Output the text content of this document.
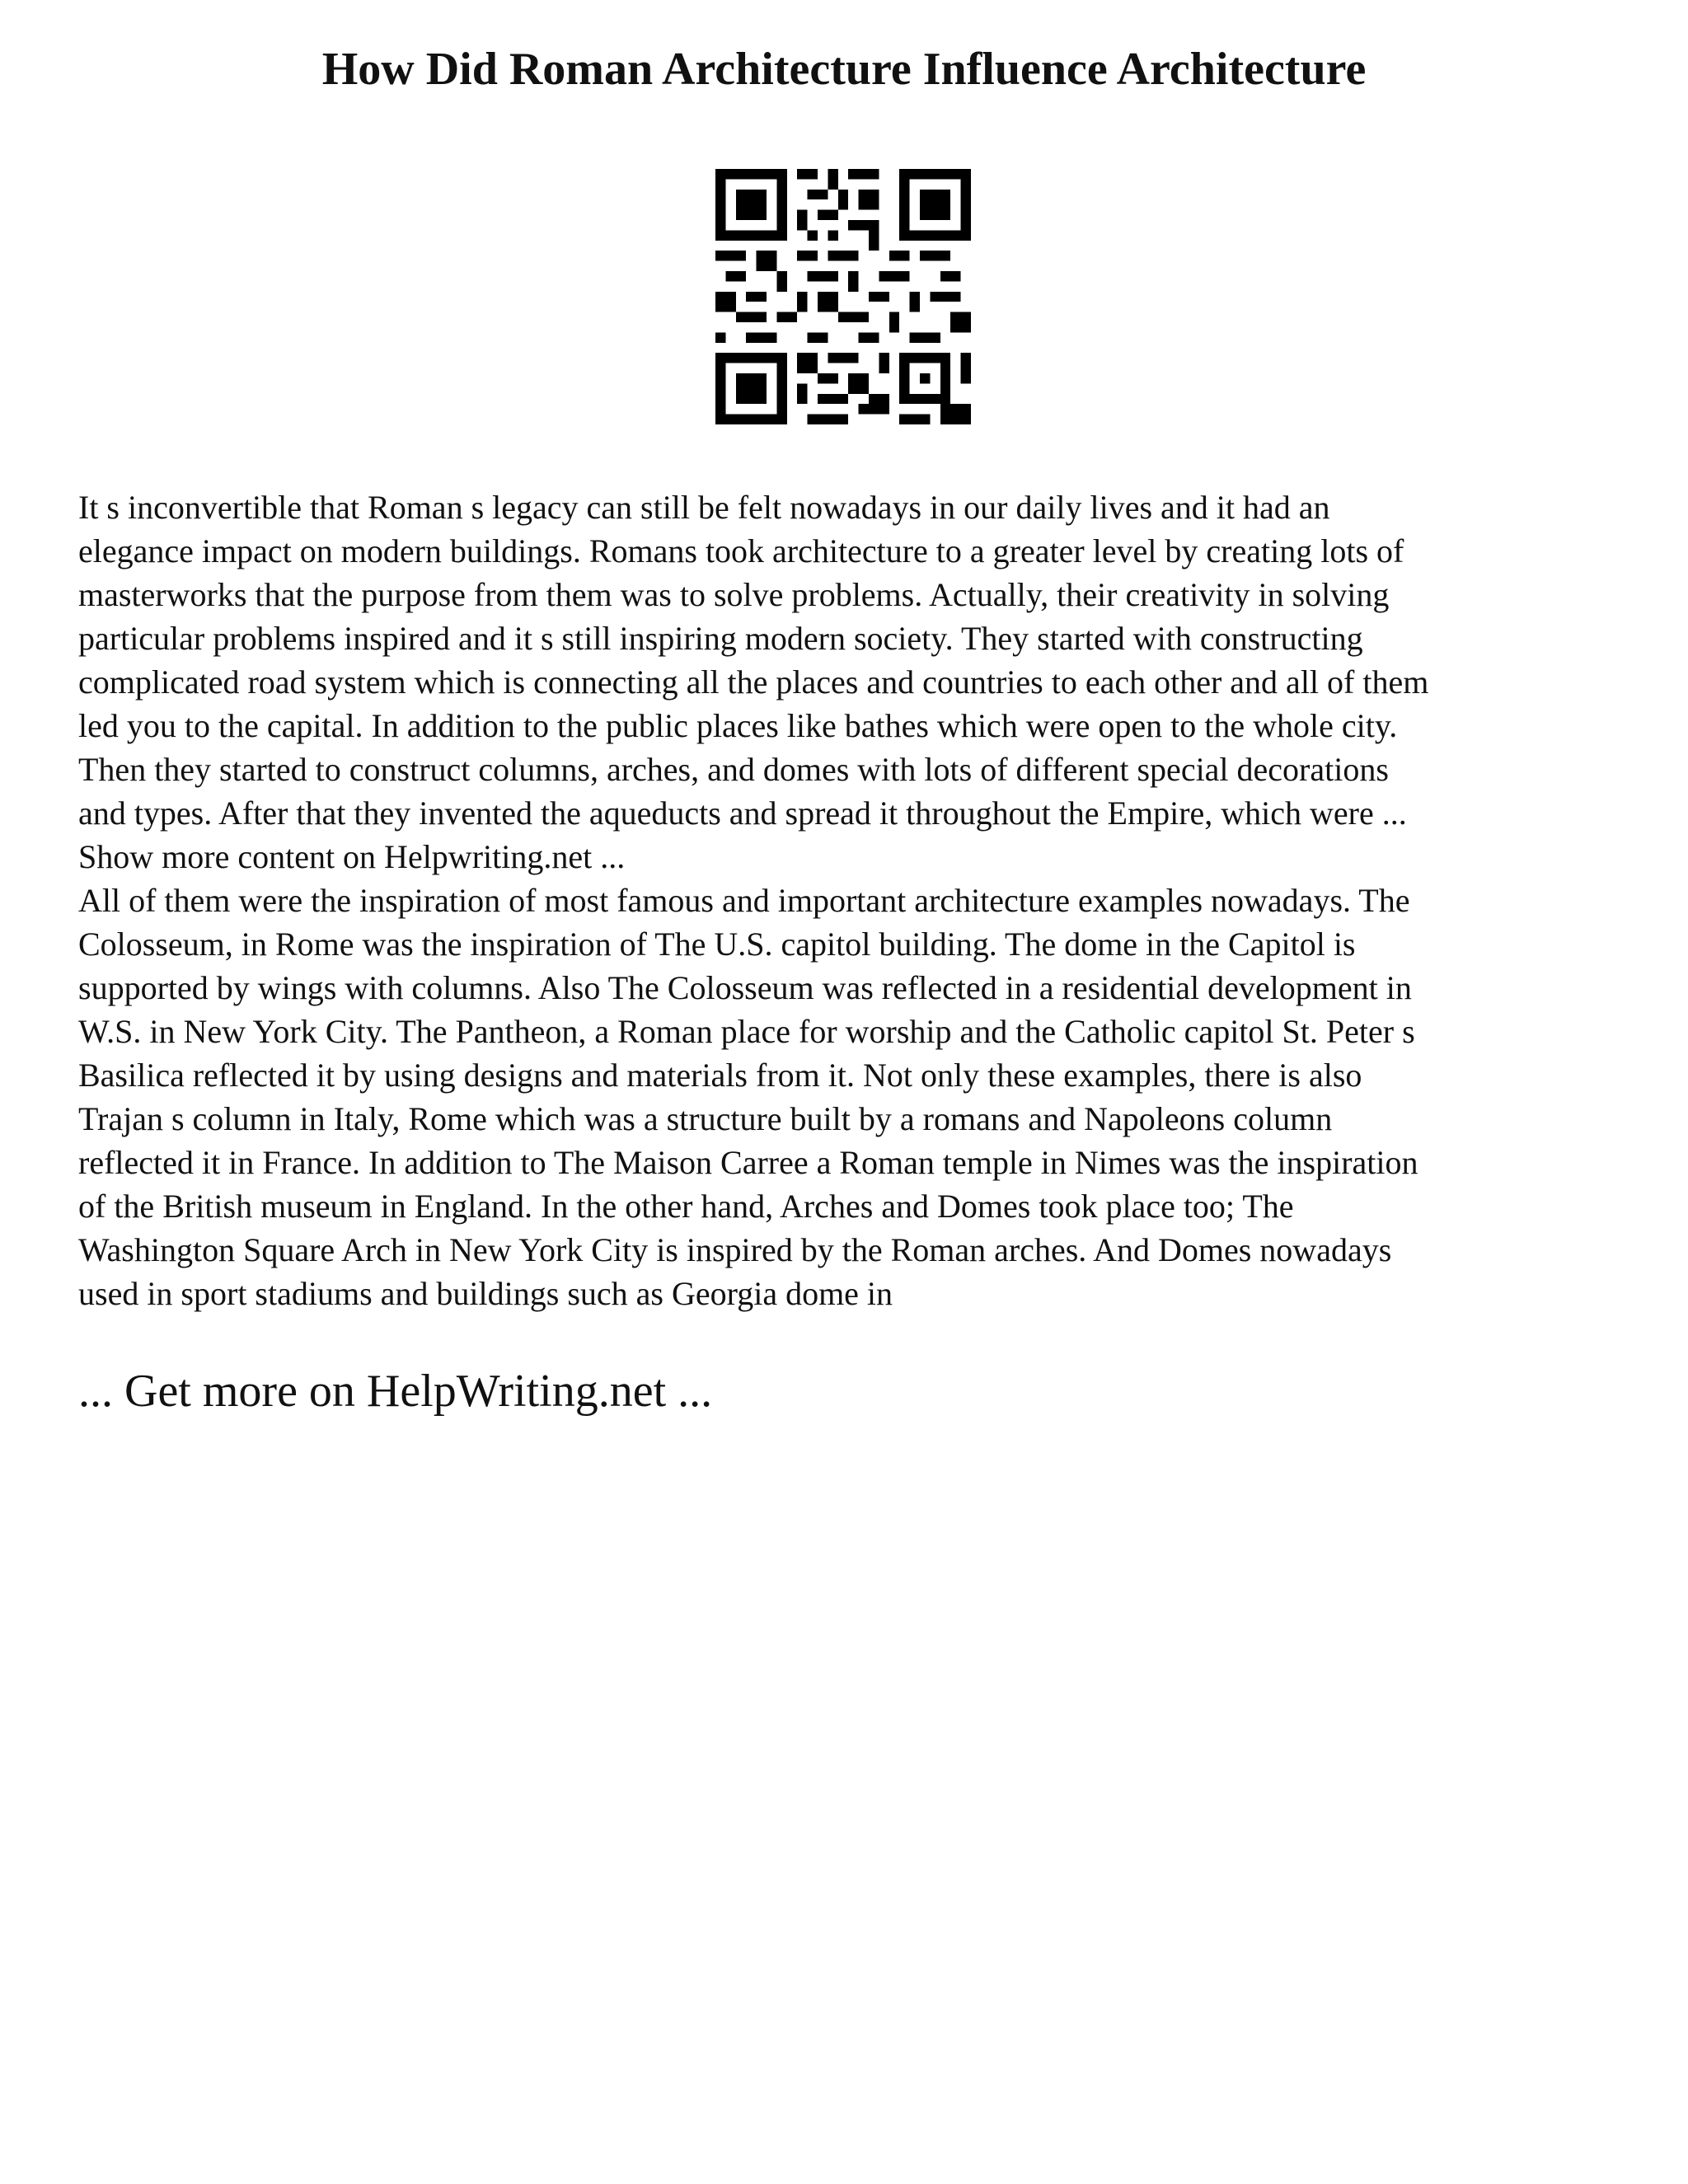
How Did Roman Architecture Influence Architecture
It s inconvertible that Roman s legacy can still be felt nowadays in our daily lives and it had an
elegance impact on modern buildings. Romans took architecture to a greater level by creating lots of
masterworks that the purpose from them was to solve problems. Actually, their creativity in solving
particular problems inspired and it s still inspiring modern society. They started with constructing
complicated road system which is connecting all the places and countries to each other and all of them
led you to the capital. In addition to the public places like bathes which were open to the whole city.
Then they started to construct columns, arches, and domes with lots of different special decorations
and types. After that they invented the aqueducts and spread it throughout the Empire, which were ...
Show more content on Helpwriting.net ...
All of them were the inspiration of most famous and important architecture examples nowadays. The
Colosseum, in Rome was the inspiration of The U.S. capitol building. The dome in the Capitol is
supported by wings with columns. Also The Colosseum was reflected in a residential development in
W.S. in New York City. The Pantheon, a Roman place for worship and the Catholic capitol St. Peter s
Basilica reflected it by using designs and materials from it. Not only these examples, there is also
Trajan s column in Italy, Rome which was a structure built by a romans and Napoleons column
reflected it in France. In addition to The Maison Carree a Roman temple in Nimes was the inspiration
of the British museum in England. In the other hand, Arches and Domes took place too; The
Washington Square Arch in New York City is inspired by the Roman arches. And Domes nowadays
used in sport stadiums and buildings such as Georgia dome in
... Get more on HelpWriting.net ...
